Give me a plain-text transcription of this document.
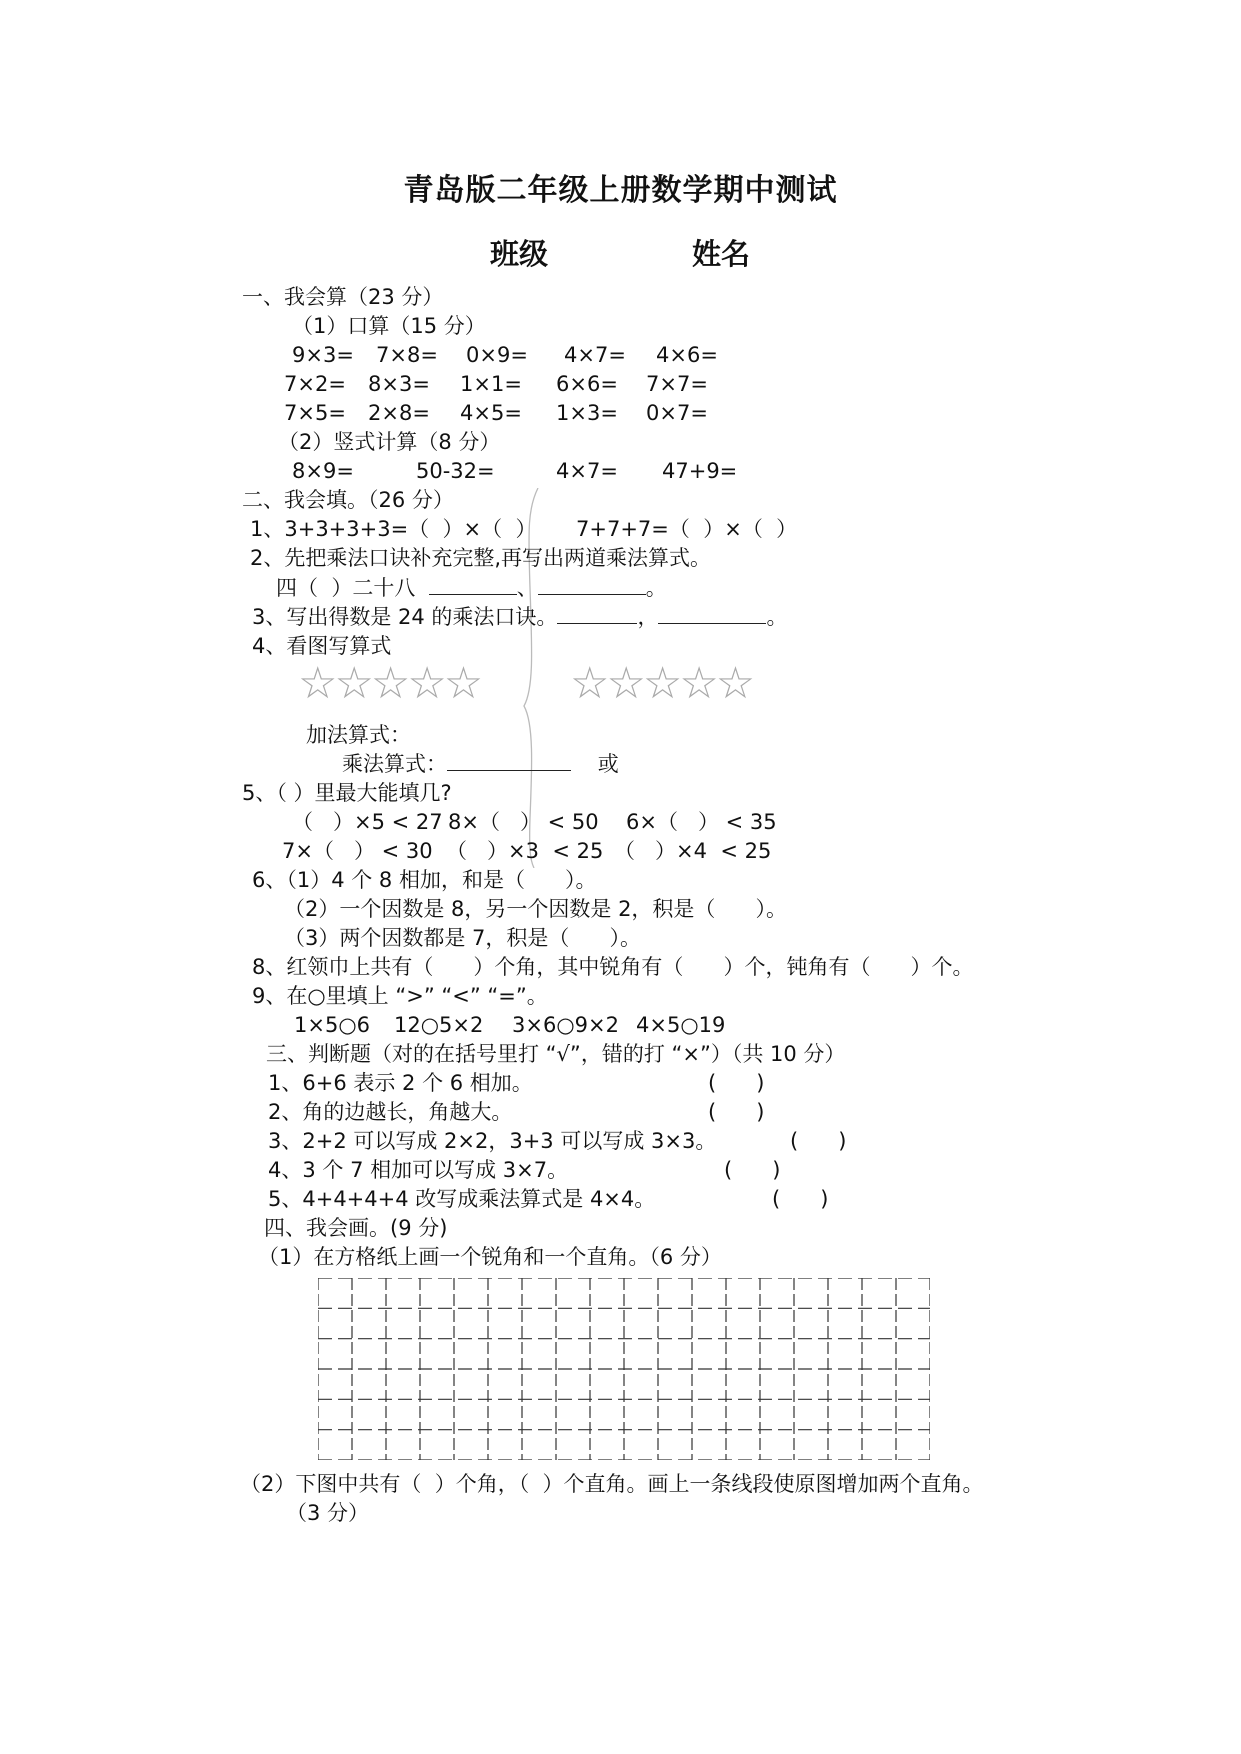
青岛版二年级上册数学期中测试
班级	姓名
一、我会算（23 分）
（1）口算（15 分）
9×3= 7×8= 0×9= 4×7= 4×6=
7×2= 8×3= 1×1= 6×6= 7×7=
7×5= 2×8= 4×5= 1×3= 0×7=
（2）竖式计算（8 分）
8×9=	50-32=	4×7= 47+9=
二、我会填。（26 分）
1、3+3+3+3=（  ）×（  ） 7+7+7=（  ）×（  ）
2、先把乘法口诀补充完整,再写出两道乘法算式。
四（  ）二十八	、	。
3、写出得数是 24 的乘法口诀。	，	。
4、看图写算式
☆☆☆☆☆ ☆☆☆☆☆
加法算式：
乘法算式：	或
5、（ ）里最大能填几?
（   ）×5 < 27 8×（   ） < 50 6×（   ） < 35
7×（   ） < 30 （   ）×3  < 25 （   ）×4  < 25
6、（1）4 个 8 相加，和是（      ）。
（2）一个因数是 8，另一个因数是 2，积是（      ）。
（3）两个因数都是 7，积是（      ）。
8、红领巾上共有（      ）个角，其中锐角有（      ）个，钝角有（      ）个。
9、在○里填上 “>” “<” “=”。
1×5○6 12○5×2 3×6○9×2 4×5○19
三、判断题（对的在括号里打 “√”，错的打 “×”）（共 10 分）
1、6+6 表示 2 个 6 相加。	(      )
2、角的边越长，角越大。	(      )
3、2+2 可以写成 2×2，3+3 可以写成 3×3。	(      )
4、3 个 7 相加可以写成 3×7。	(      )
5、4+4+4+4 改写成乘法算式是 4×4。	(      )
四、我会画。(9 分)
（1）在方格纸上画一个锐角和一个直角。（6 分）
（2）下图中共有（  ）个角，（  ）个直角。画上一条线段使原图增加两个直角。
（3 分）
